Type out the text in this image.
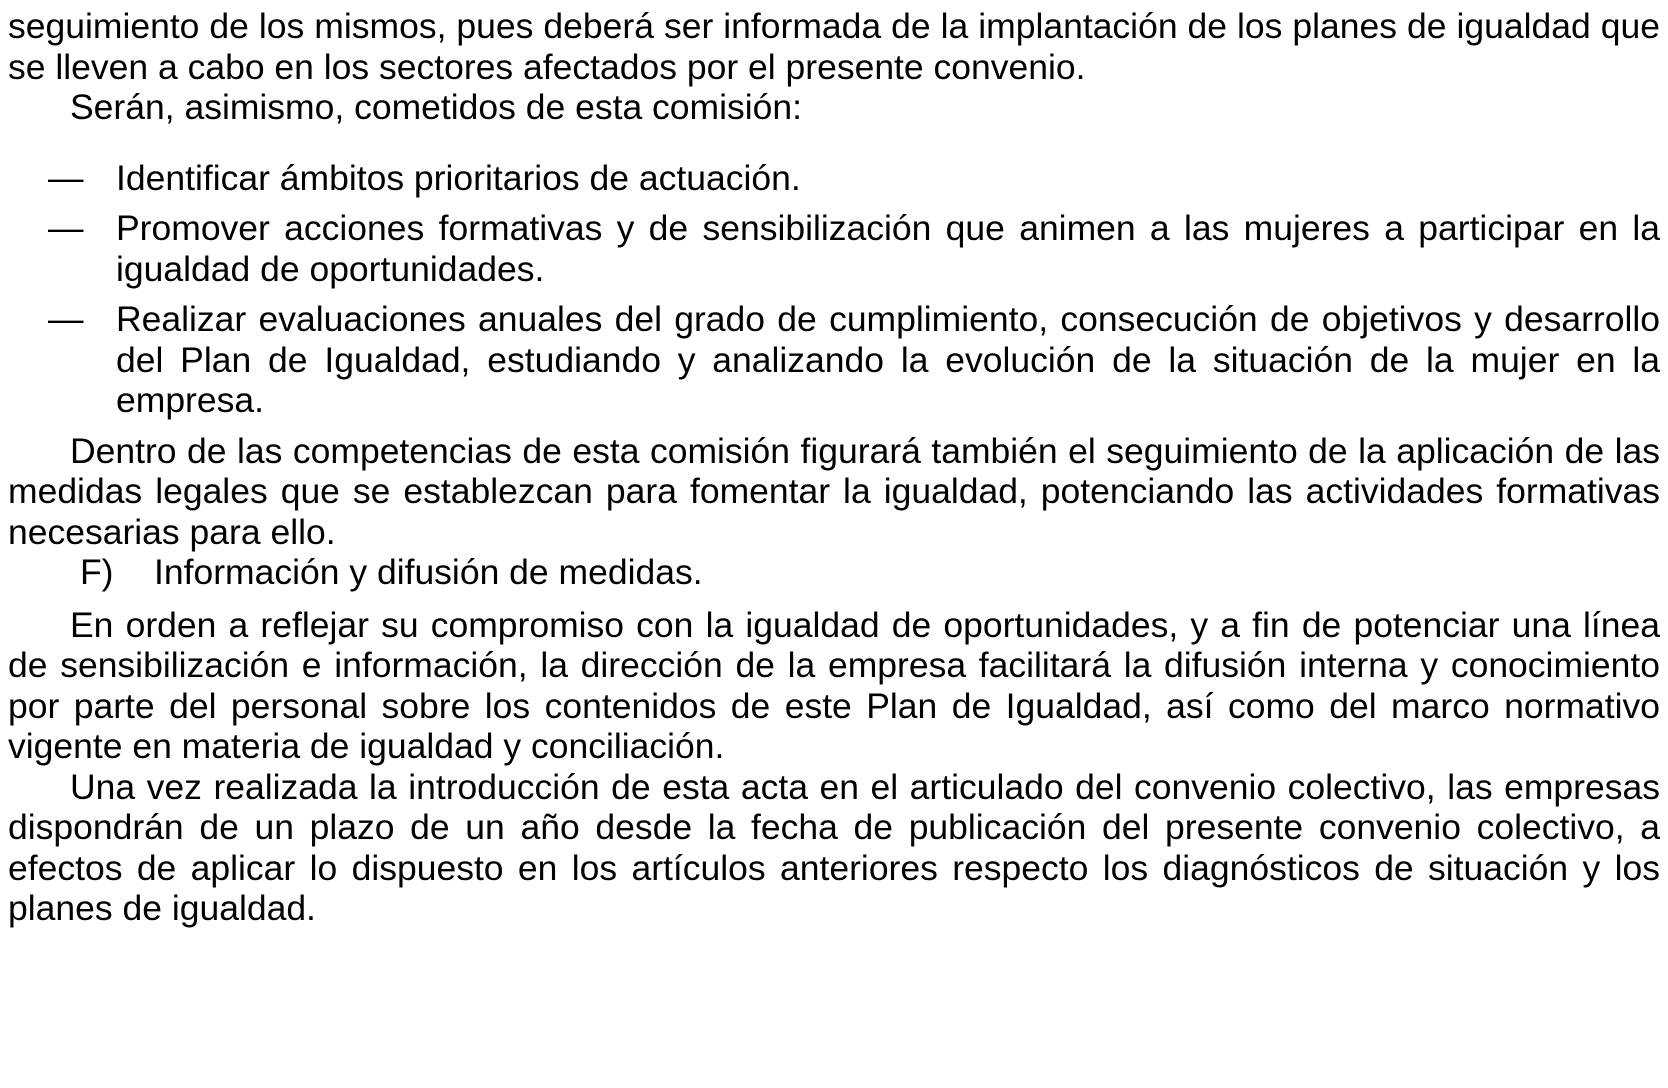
seguimiento de los mismos, pues deberá ser informada de la implantación de los planes de igualdad que se lleven a cabo en los sectores afectados por el presente convenio.

Serán, asimismo, cometidos de esta comisión:

— Identificar ámbitos prioritarios de actuación.
— Promover acciones formativas y de sensibilización que animen a las mujeres a participar en la igualdad de oportunidades.
— Realizar evaluaciones anuales del grado de cumplimiento, consecución de objetivos y desarrollo del Plan de Igualdad, estudiando y analizando la evolución de la situación de la mujer en la empresa.

Dentro de las competencias de esta comisión figurará también el seguimiento de la aplicación de las medidas legales que se establezcan para fomentar la igualdad, potenciando las actividades formativas necesarias para ello.

F)	Información y difusión de medidas.

En orden a reflejar su compromiso con la igualdad de oportunidades, y a fin de potenciar una línea de sensibilización e información, la dirección de la empresa facilitará la difusión interna y conocimiento por parte del personal sobre los contenidos de este Plan de Igualdad, así como del marco normativo vigente en materia de igualdad y conciliación.

Una vez realizada la introducción de esta acta en el articulado del convenio colectivo, las empresas dispondrán de un plazo de un año desde la fecha de publicación del presente convenio colectivo, a efectos de aplicar lo dispuesto en los artículos anteriores respecto los diagnósticos de situación y los planes de igualdad.
